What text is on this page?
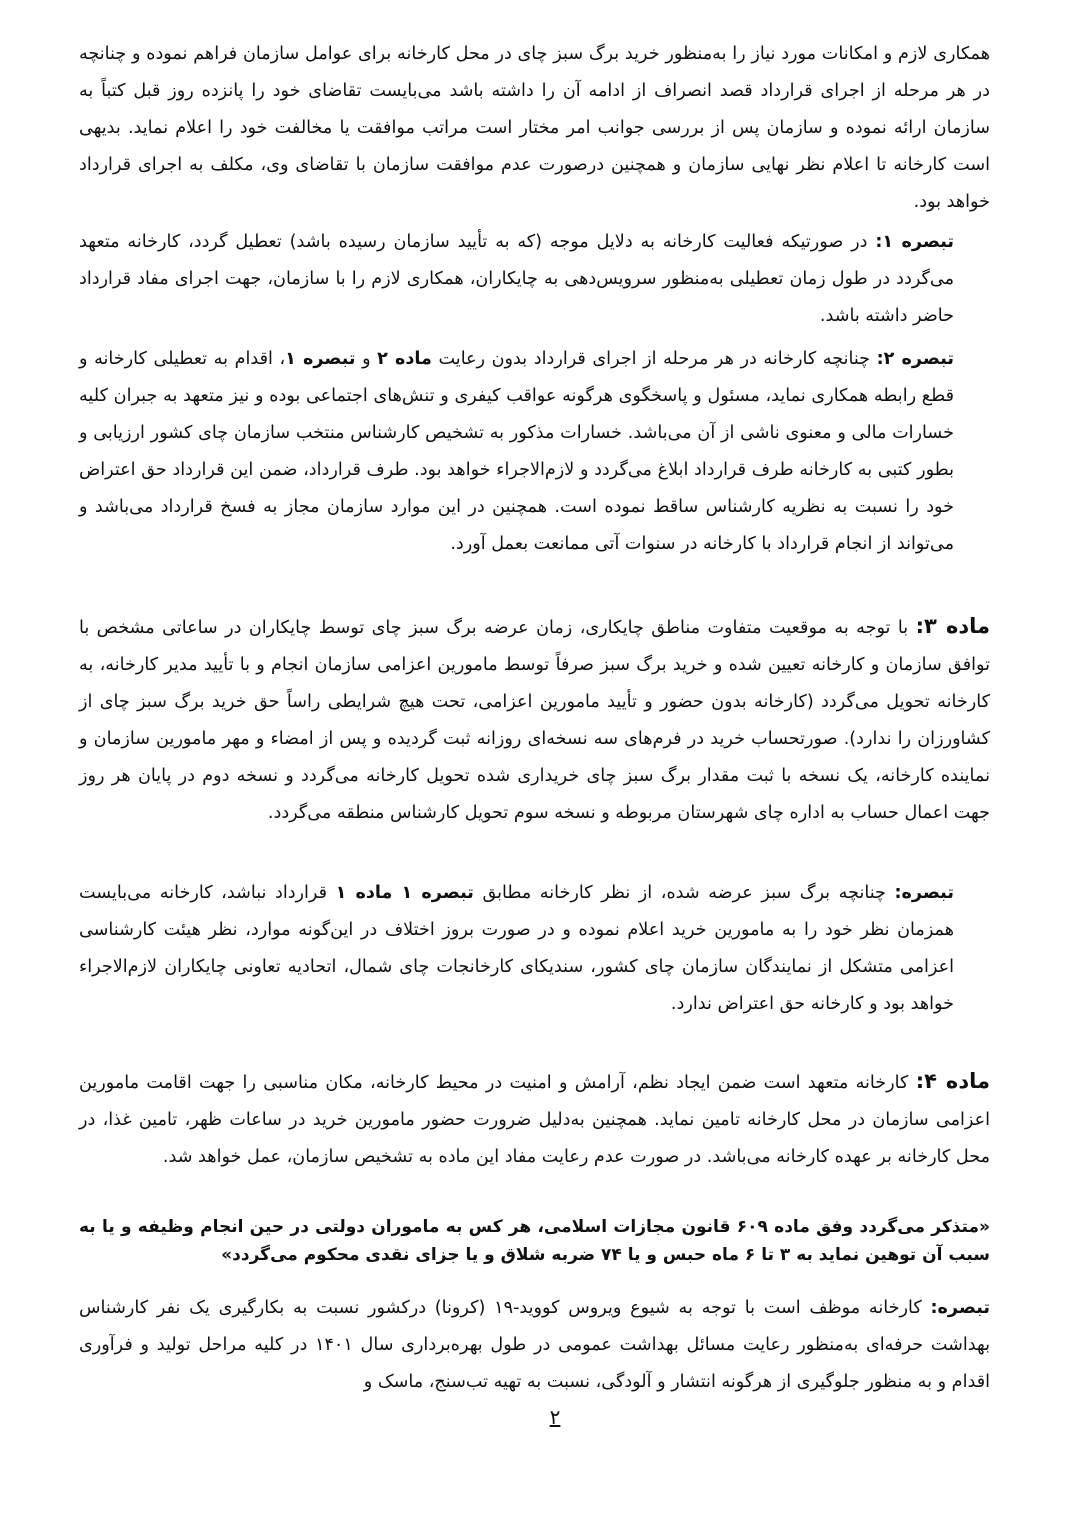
همکاری لازم و امکانات مورد نیاز را به‌منظور خرید برگ سبز چای در محل کارخانه برای عوامل سازمان فراهم نموده و چنانچه در هر مرحله از اجرای قرارداد قصد انصراف از ادامه آن را داشته باشد می‌بایست تقاضای خود را پانزده روز قبل کتباً به سازمان ارائه نموده و سازمان پس از بررسی جوانب امر مختار است مراتب موافقت یا مخالفت خود را اعلام نماید. بدیهی است کارخانه تا اعلام نظر نهایی سازمان و همچنین درصورت عدم موافقت سازمان با تقاضای وی، مکلف به اجرای قرارداد خواهد بود.
تبصره ۱: در صورتیکه فعالیت کارخانه به دلایل موجه (که به تأیید سازمان رسیده باشد) تعطیل گردد، کارخانه متعهد می‌گردد در طول زمان تعطیلی به‌منظور سرویس‌دهی به چایکاران، همکاری لازم را با سازمان، جهت اجرای مفاد قرارداد حاضر داشته باشد.
تبصره ۲: چنانچه کارخانه در هر مرحله از اجرای قرارداد بدون رعایت ماده ۲ و تبصره ۱، اقدام به تعطیلی کارخانه و قطع رابطه همکاری نماید، مسئول و پاسخگوی هرگونه عواقب کیفری و تنش‌های اجتماعی بوده و نیز متعهد به جبران کلیه خسارات مالی و معنوی ناشی از آن می‌باشد. خسارات مذکور به تشخیص کارشناس منتخب سازمان چای کشور ارزیابی و بطور کتبی به کارخانه طرف قرارداد ابلاغ می‌گردد و لازم‌الاجراء خواهد بود. طرف قرارداد، ضمن این قرارداد حق اعتراض خود را نسبت به نظریه کارشناس ساقط نموده است. همچنین در این موارد سازمان مجاز به فسخ قرارداد می‌باشد و می‌تواند از انجام قرارداد با کارخانه در سنوات آتی ممانعت بعمل آورد.
ماده ۳: با توجه به موقعیت متفاوت مناطق چایکاری، زمان عرضه برگ سبز چای توسط چایکاران در ساعاتی مشخص با توافق سازمان و کارخانه تعیین شده و خرید برگ سبز صرفاً توسط مامورین اعزامی سازمان انجام و با تأیید مدیر کارخانه، به کارخانه تحویل می‌گردد (کارخانه بدون حضور و تأیید مامورین اعزامی، تحت هیچ شرایطی راساً حق خرید برگ سبز چای از کشاورزان را ندارد). صورتحساب خرید در فرم‌های سه نسخه‌ای روزانه ثبت گردیده و پس از امضاء و مهر مامورین سازمان و نماینده کارخانه، یک نسخه با ثبت مقدار برگ سبز چای خریداری شده تحویل کارخانه می‌گردد و نسخه دوم در پایان هر روز جهت اعمال حساب به اداره چای شهرستان مربوطه و نسخه سوم تحویل کارشناس منطقه می‌گردد.
تبصره: چنانچه برگ سبز عرضه شده، از نظر کارخانه مطابق تبصره ۱ ماده ۱ قرارداد نباشد، کارخانه می‌بایست همزمان نظر خود را به مامورین خرید اعلام نموده و در صورت بروز اختلاف در این‌گونه موارد، نظر هیئت کارشناسی اعزامی متشکل از نمایندگان سازمان چای کشور، سندیکای کارخانجات چای شمال، اتحادیه تعاونی چایکاران لازم‌الاجراء خواهد بود و کارخانه حق اعتراض ندارد.
ماده ۴: کارخانه متعهد است ضمن ایجاد نظم، آرامش و امنیت در محیط کارخانه، مکان مناسبی را جهت اقامت مامورین اعزامی سازمان در محل کارخانه تامین نماید. همچنین به‌دلیل ضرورت حضور مامورین خرید در ساعات ظهر، تامین غذا، در محل کارخانه بر عهده کارخانه می‌باشد. در صورت عدم رعایت مفاد این ماده به تشخیص سازمان، عمل خواهد شد.
«متذکر می‌گردد وفق ماده ۶۰۹ قانون مجازات اسلامی، هر کس به ماموران دولتی در حین انجام وظیفه و یا به سبب آن توهین نماید به ۳ تا ۶ ماه حبس و یا ۷۴ ضربه شلاق و یا جزای نقدی محکوم می‌گردد»
تبصره: کارخانه موظف است با توجه به شیوع ویروس کووید-۱۹ (کرونا) درکشور نسبت به بکارگیری یک نفر کارشناس بهداشت حرفه‌ای به‌منظور رعایت مسائل بهداشت عمومی در طول بهره‌برداری سال ۱۴۰۱ در کلیه مراحل تولید و فرآوری اقدام و به منظور جلوگیری از هرگونه انتشار و آلودگی، نسبت به تهیه تب‌سنج، ماسک و
۲
